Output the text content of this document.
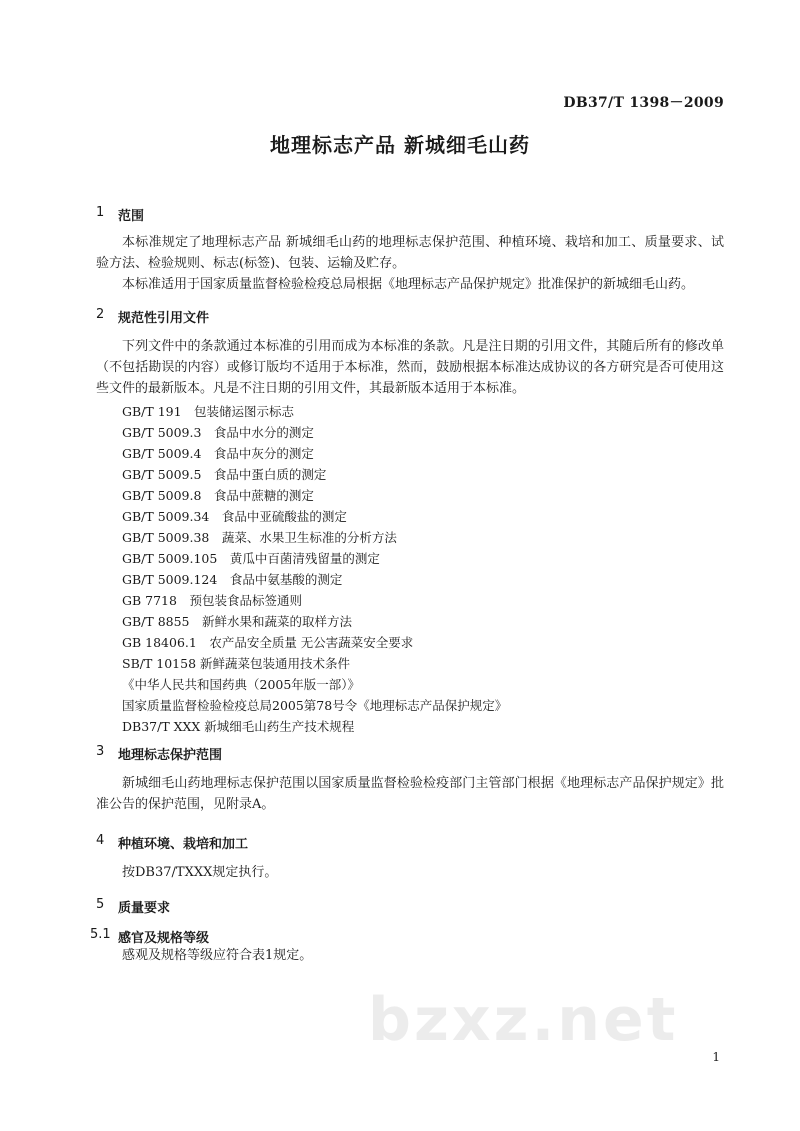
DB37/T 1398－2009
地理标志产品 新城细毛山药
1	范围
本标准规定了地理标志产品 新城细毛山药的地理标志保护范围、种植环境、栽培和加工、质量要求、试验方法、检验规则、标志(标签)、包装、运输及贮存。
本标准适用于国家质量监督检验检疫总局根据《地理标志产品保护规定》批准保护的新城细毛山药。
2	规范性引用文件
下列文件中的条款通过本标准的引用而成为本标准的条款。凡是注日期的引用文件，其随后所有的修改单（不包括勘误的内容）或修订版均不适用于本标准，然而，鼓励根据本标准达成协议的各方研究是否可使用这些文件的最新版本。凡是不注日期的引用文件，其最新版本适用于本标准。
GB/T 191　包装储运图示标志
GB/T 5009.3　食品中水分的测定
GB/T 5009.4　食品中灰分的测定
GB/T 5009.5　食品中蛋白质的测定
GB/T 5009.8　食品中蔗糖的测定
GB/T 5009.34　食品中亚硫酸盐的测定
GB/T 5009.38　蔬菜、水果卫生标准的分析方法
GB/T 5009.105　黄瓜中百菌清残留量的测定
GB/T 5009.124　食品中氨基酸的测定
GB 7718　预包装食品标签通则
GB/T 8855　新鲜水果和蔬菜的取样方法
GB 18406.1　农产品安全质量 无公害蔬菜安全要求
SB/T 10158 新鲜蔬菜包装通用技术条件
《中华人民共和国药典（2005年版一部）》
国家质量监督检验检疫总局2005第78号令《地理标志产品保护规定》
DB37/T XXX 新城细毛山药生产技术规程
3	地理标志保护范围
新城细毛山药地理标志保护范围以国家质量监督检验检疫部门主管部门根据《地理标志产品保护规定》批准公告的保护范围，见附录A。
4	种植环境、栽培和加工
按DB37/TXXX规定执行。
5	质量要求
5.1 感官及规格等级
感观及规格等级应符合表1规定。
bzxz.net
1
